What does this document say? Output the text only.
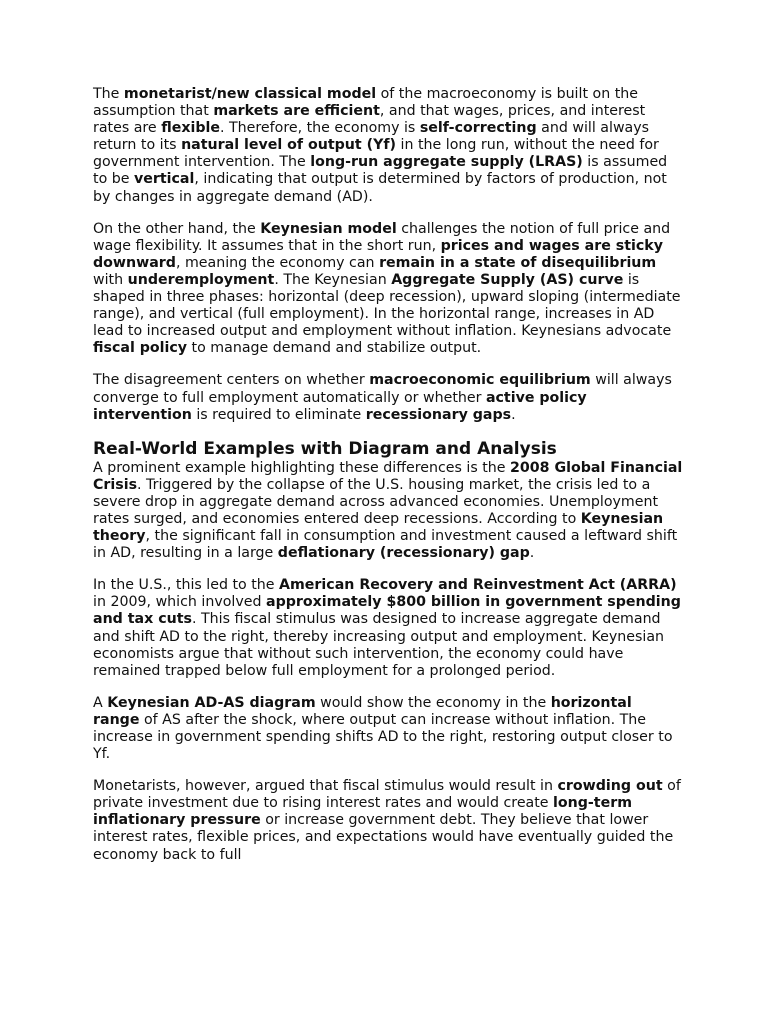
The monetarist/new classical model of the macroeconomy is built on the assumption that markets are efficient, and that wages, prices, and interest rates are flexible. Therefore, the economy is self-correcting and will always return to its natural level of output (Yf) in the long run, without the need for government intervention. The long-run aggregate supply (LRAS) is assumed to be vertical, indicating that output is determined by factors of production, not by changes in aggregate demand (AD).

On the other hand, the Keynesian model challenges the notion of full price and wage flexibility. It assumes that in the short run, prices and wages are sticky downward, meaning the economy can remain in a state of disequilibrium with underemployment. The Keynesian Aggregate Supply (AS) curve is shaped in three phases: horizontal (deep recession), upward sloping (intermediate range), and vertical (full employment). In the horizontal range, increases in AD lead to increased output and employment without inflation. Keynesians advocate fiscal policy to manage demand and stabilize output.

The disagreement centers on whether macroeconomic equilibrium will always converge to full employment automatically or whether active policy intervention is required to eliminate recessionary gaps.

Real-World Examples with Diagram and Analysis

A prominent example highlighting these differences is the 2008 Global Financial Crisis. Triggered by the collapse of the U.S. housing market, the crisis led to a severe drop in aggregate demand across advanced economies. Unemployment rates surged, and economies entered deep recessions. According to Keynesian theory, the significant fall in consumption and investment caused a leftward shift in AD, resulting in a large deflationary (recessionary) gap.

In the U.S., this led to the American Recovery and Reinvestment Act (ARRA) in 2009, which involved approximately $800 billion in government spending and tax cuts. This fiscal stimulus was designed to increase aggregate demand and shift AD to the right, thereby increasing output and employment. Keynesian economists argue that without such intervention, the economy could have remained trapped below full employment for a prolonged period.

A Keynesian AD-AS diagram would show the economy in the horizontal range of AS after the shock, where output can increase without inflation. The increase in government spending shifts AD to the right, restoring output closer to Yf.

Monetarists, however, argued that fiscal stimulus would result in crowding out of private investment due to rising interest rates and would create long-term inflationary pressure or increase government debt. They believe that lower interest rates, flexible prices, and expectations would have eventually guided the economy back to full
